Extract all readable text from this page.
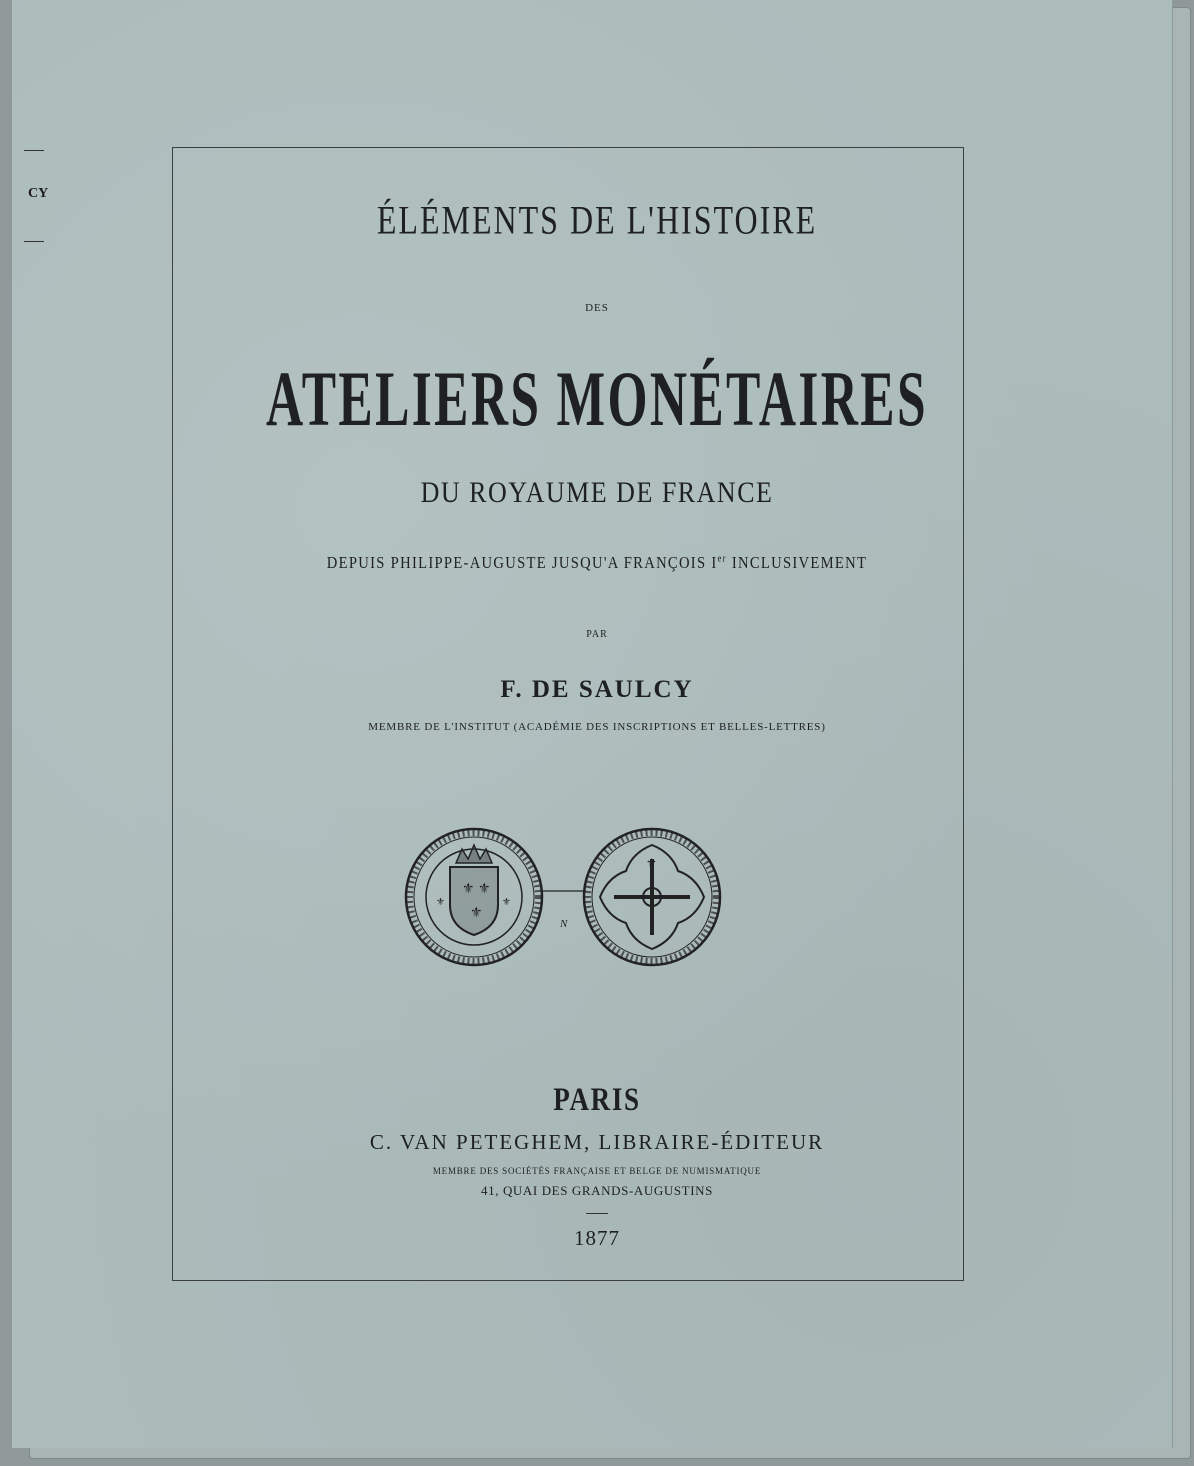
CY
ÉLÉMENTS DE L'HISTOIRE
DES
ATELIERS MONÉTAIRES
DU ROYAUME DE FRANCE
DEPUIS PHILIPPE-AUGUSTE JUSQU'A FRANÇOIS Ier INCLUSIVEMENT
PAR
F. DE SAULCY
MEMBRE DE L'INSTITUT (ACADÉMIE DES INSCRIPTIONS ET BELLES-LETTRES)
⚜ ⚜
⚜
⚜	⚜
N
⚜
PARIS
C. VAN PETEGHEM, LIBRAIRE-ÉDITEUR
MEMBRE DES SOCIÉTÉS FRANÇAISE ET BELGE DE NUMISMATIQUE
41, QUAI DES GRANDS-AUGUSTINS
1877
